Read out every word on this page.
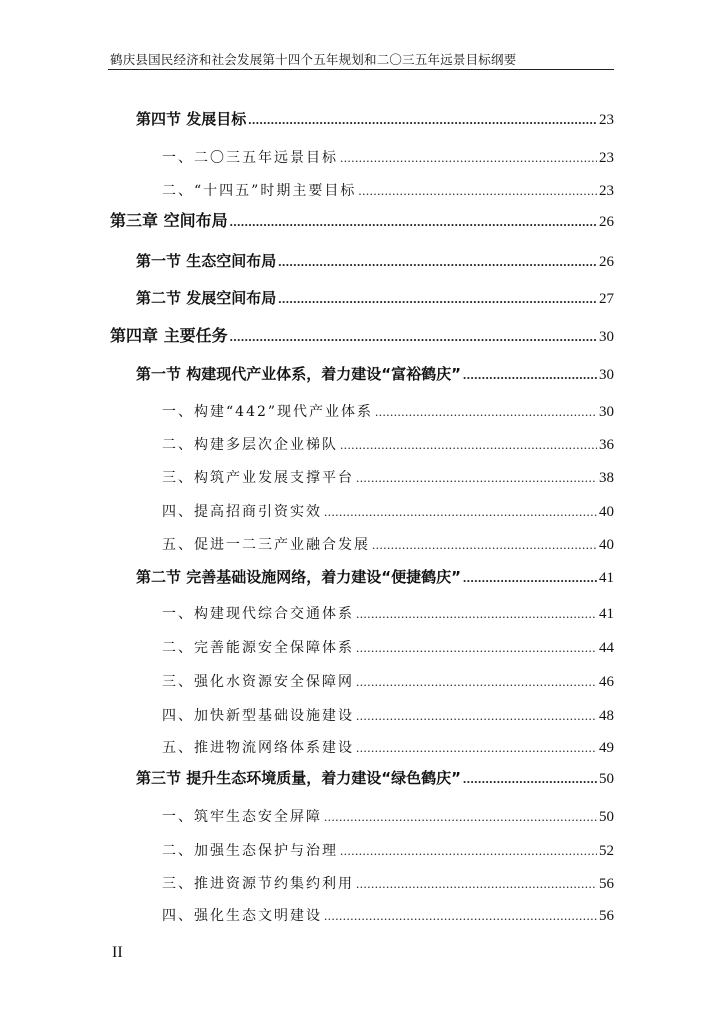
鹤庆县国民经济和社会发展第十四个五年规划和二〇三五年远景目标纲要
第四节 发展目标 .....	23
一、二〇三五年远景目标 .....	23
二、“十四五”时期主要目标 .....	23
第三章 空间布局 .....	26
第一节 生态空间布局 .....	26
第二节 发展空间布局 .....	27
第四章 主要任务 .....	30
第一节 构建现代产业体系，着力建设“富裕鹤庆” .....	30
一、构建“442”现代产业体系 .....	30
二、构建多层次企业梯队 .....	36
三、构筑产业发展支撑平台 .....	38
四、提高招商引资实效 .....	40
五、促进一二三产业融合发展 .....	40
第二节 完善基础设施网络，着力建设“便捷鹤庆” .....	41
一、构建现代综合交通体系 .....	41
二、完善能源安全保障体系 .....	44
三、强化水资源安全保障网 .....	46
四、加快新型基础设施建设 .....	48
五、推进物流网络体系建设 .....	49
第三节 提升生态环境质量，着力建设“绿色鹤庆” .....	50
一、筑牢生态安全屏障 .....	50
二、加强生态保护与治理 .....	52
三、推进资源节约集约利用 .....	56
四、强化生态文明建设 .....	56
II
